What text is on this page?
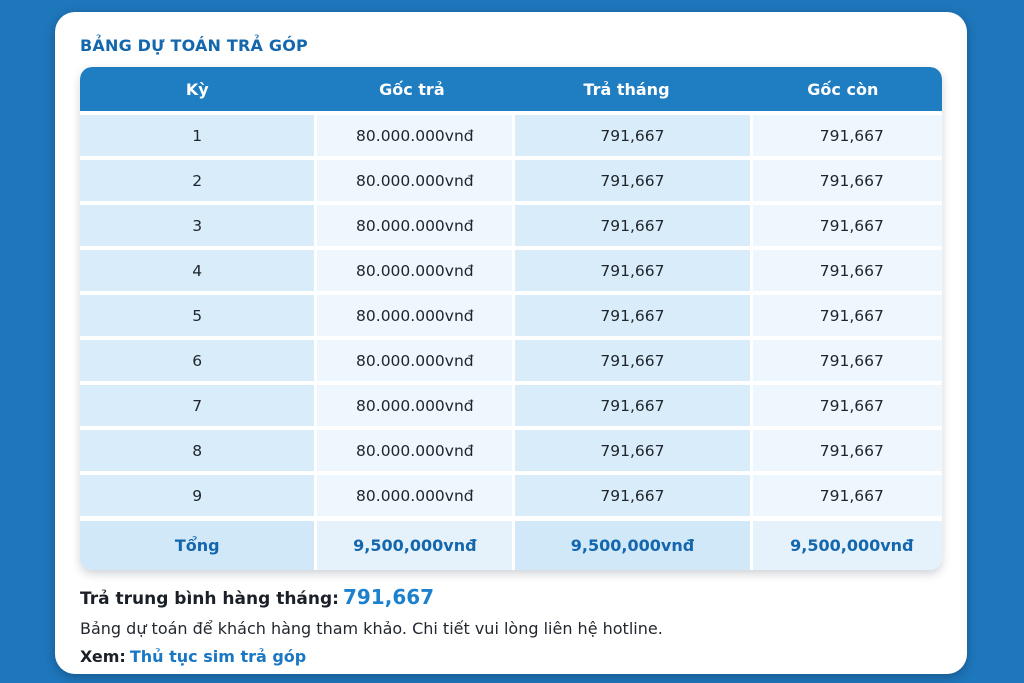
BẢNG DỰ TOÁN TRẢ GÓP
Kỳ	Gốc trả	Trả tháng	Gốc còn
1	80.000.000vnđ	791,667	791,667
2	80.000.000vnđ	791,667	791,667
3	80.000.000vnđ	791,667	791,667
4	80.000.000vnđ	791,667	791,667
5	80.000.000vnđ	791,667	791,667
6	80.000.000vnđ	791,667	791,667
7	80.000.000vnđ	791,667	791,667
8	80.000.000vnđ	791,667	791,667
9	80.000.000vnđ	791,667	791,667
Tổng	9,500,000vnđ	9,500,000vnđ	9,500,000vnđ

Trả trung bình hàng tháng: 791,667

Bảng dự toán để khách hàng tham khảo. Chi tiết vui lòng liên hệ hotline.

Xem: Thủ tục sim trả góp
